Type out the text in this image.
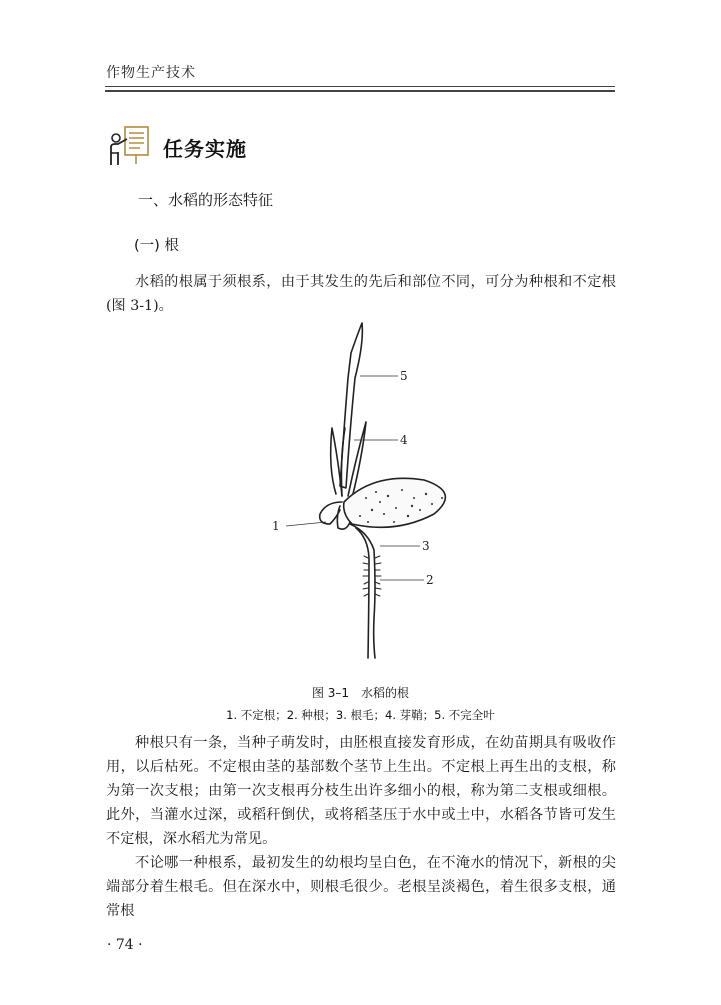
作物生产技术
任务实施
一、水稻的形态特征
(一) 根

水稻的根属于须根系，由于其发生的先后和部位不同，可分为种根和不定根(图 3-1)。

5
4
1
3
2
图 3–1　水稻的根
1. 不定根；2. 种根；3. 根毛；4. 芽鞘；5. 不完全叶

种根只有一条，当种子萌发时，由胚根直接发育形成，在幼苗期具有吸收作用，以后枯死。不定根由茎的基部数个茎节上生出。不定根上再生出的支根，称为第一次支根；由第一次支根再分枝生出许多细小的根，称为第二支根或细根。此外，当灌水过深，或稻秆倒伏，或将稻茎压于水中或土中，水稻各节皆可发生不定根，深水稻尤为常见。

不论哪一种根系，最初发生的幼根均呈白色，在不淹水的情况下，新根的尖端部分着生根毛。但在深水中，则根毛很少。老根呈淡褐色，着生很多支根，通常根

· 74 ·
